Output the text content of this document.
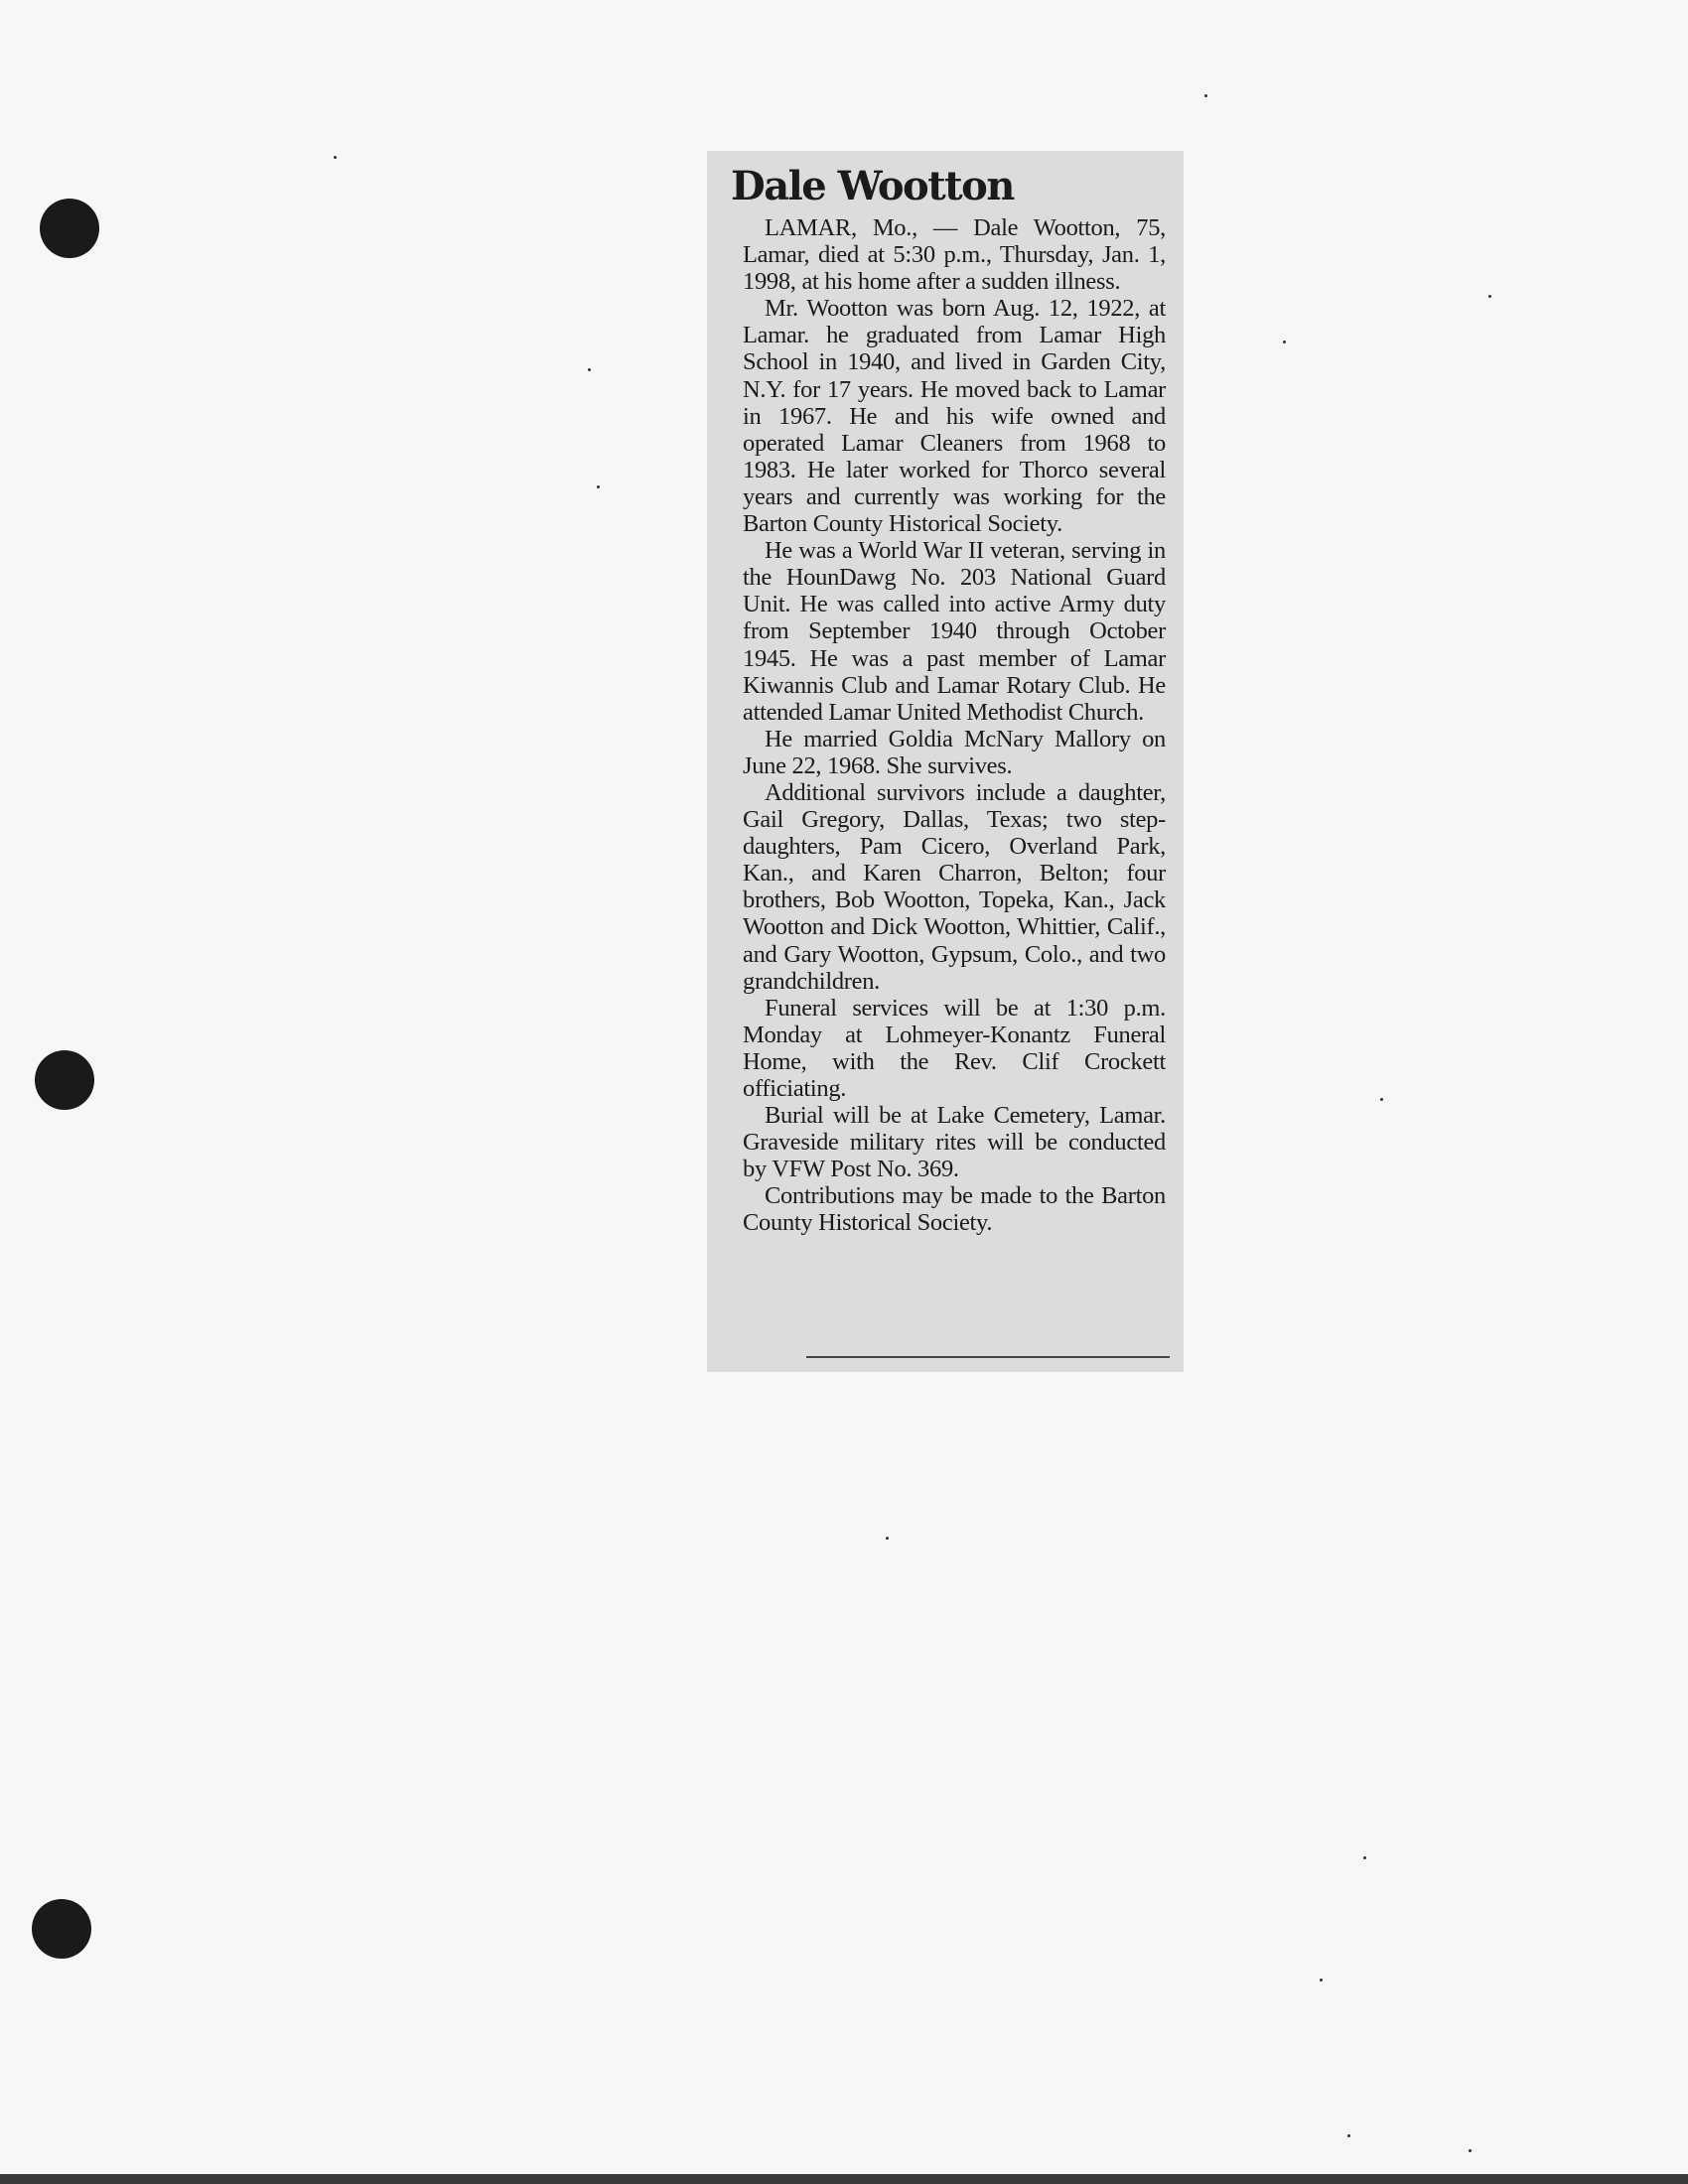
Dale Wootton

LAMAR, Mo., — Dale Wootton, 75, Lamar, died at 5:30 p.m., Thursday, Jan. 1, 1998, at his home after a sudden illness.

Mr. Wootton was born Aug. 12, 1922, at Lamar. he graduated from Lamar High School in 1940, and lived in Garden City, N.Y. for 17 years. He moved back to Lamar in 1967. He and his wife owned and operated Lamar Cleaners from 1968 to 1983. He later worked for Thorco several years and currently was working for the Barton County Historical Society.

He was a World War II veteran, serving in the HounDawg No. 203 National Guard Unit. He was called into active Army duty from September 1940 through October 1945. He was a past member of Lamar Kiwannis Club and Lamar Rotary Club. He attended Lamar United Methodist Church.

He married Goldia McNary Mallory on June 22, 1968. She survives.

Additional survivors include a daughter, Gail Gregory, Dallas, Texas; two step-daughters, Pam Cicero, Overland Park, Kan., and Karen Charron, Belton; four brothers, Bob Wootton, Topeka, Kan., Jack Wootton and Dick Wootton, Whittier, Calif., and Gary Wootton, Gypsum, Colo., and two grandchildren.

Funeral services will be at 1:30 p.m. Monday at Lohmeyer-Konantz Funeral Home, with the Rev. Clif Crockett officiating.

Burial will be at Lake Cemetery, Lamar. Graveside military rites will be conducted by VFW Post No. 369.

Contributions may be made to the Barton County Historical Society.
